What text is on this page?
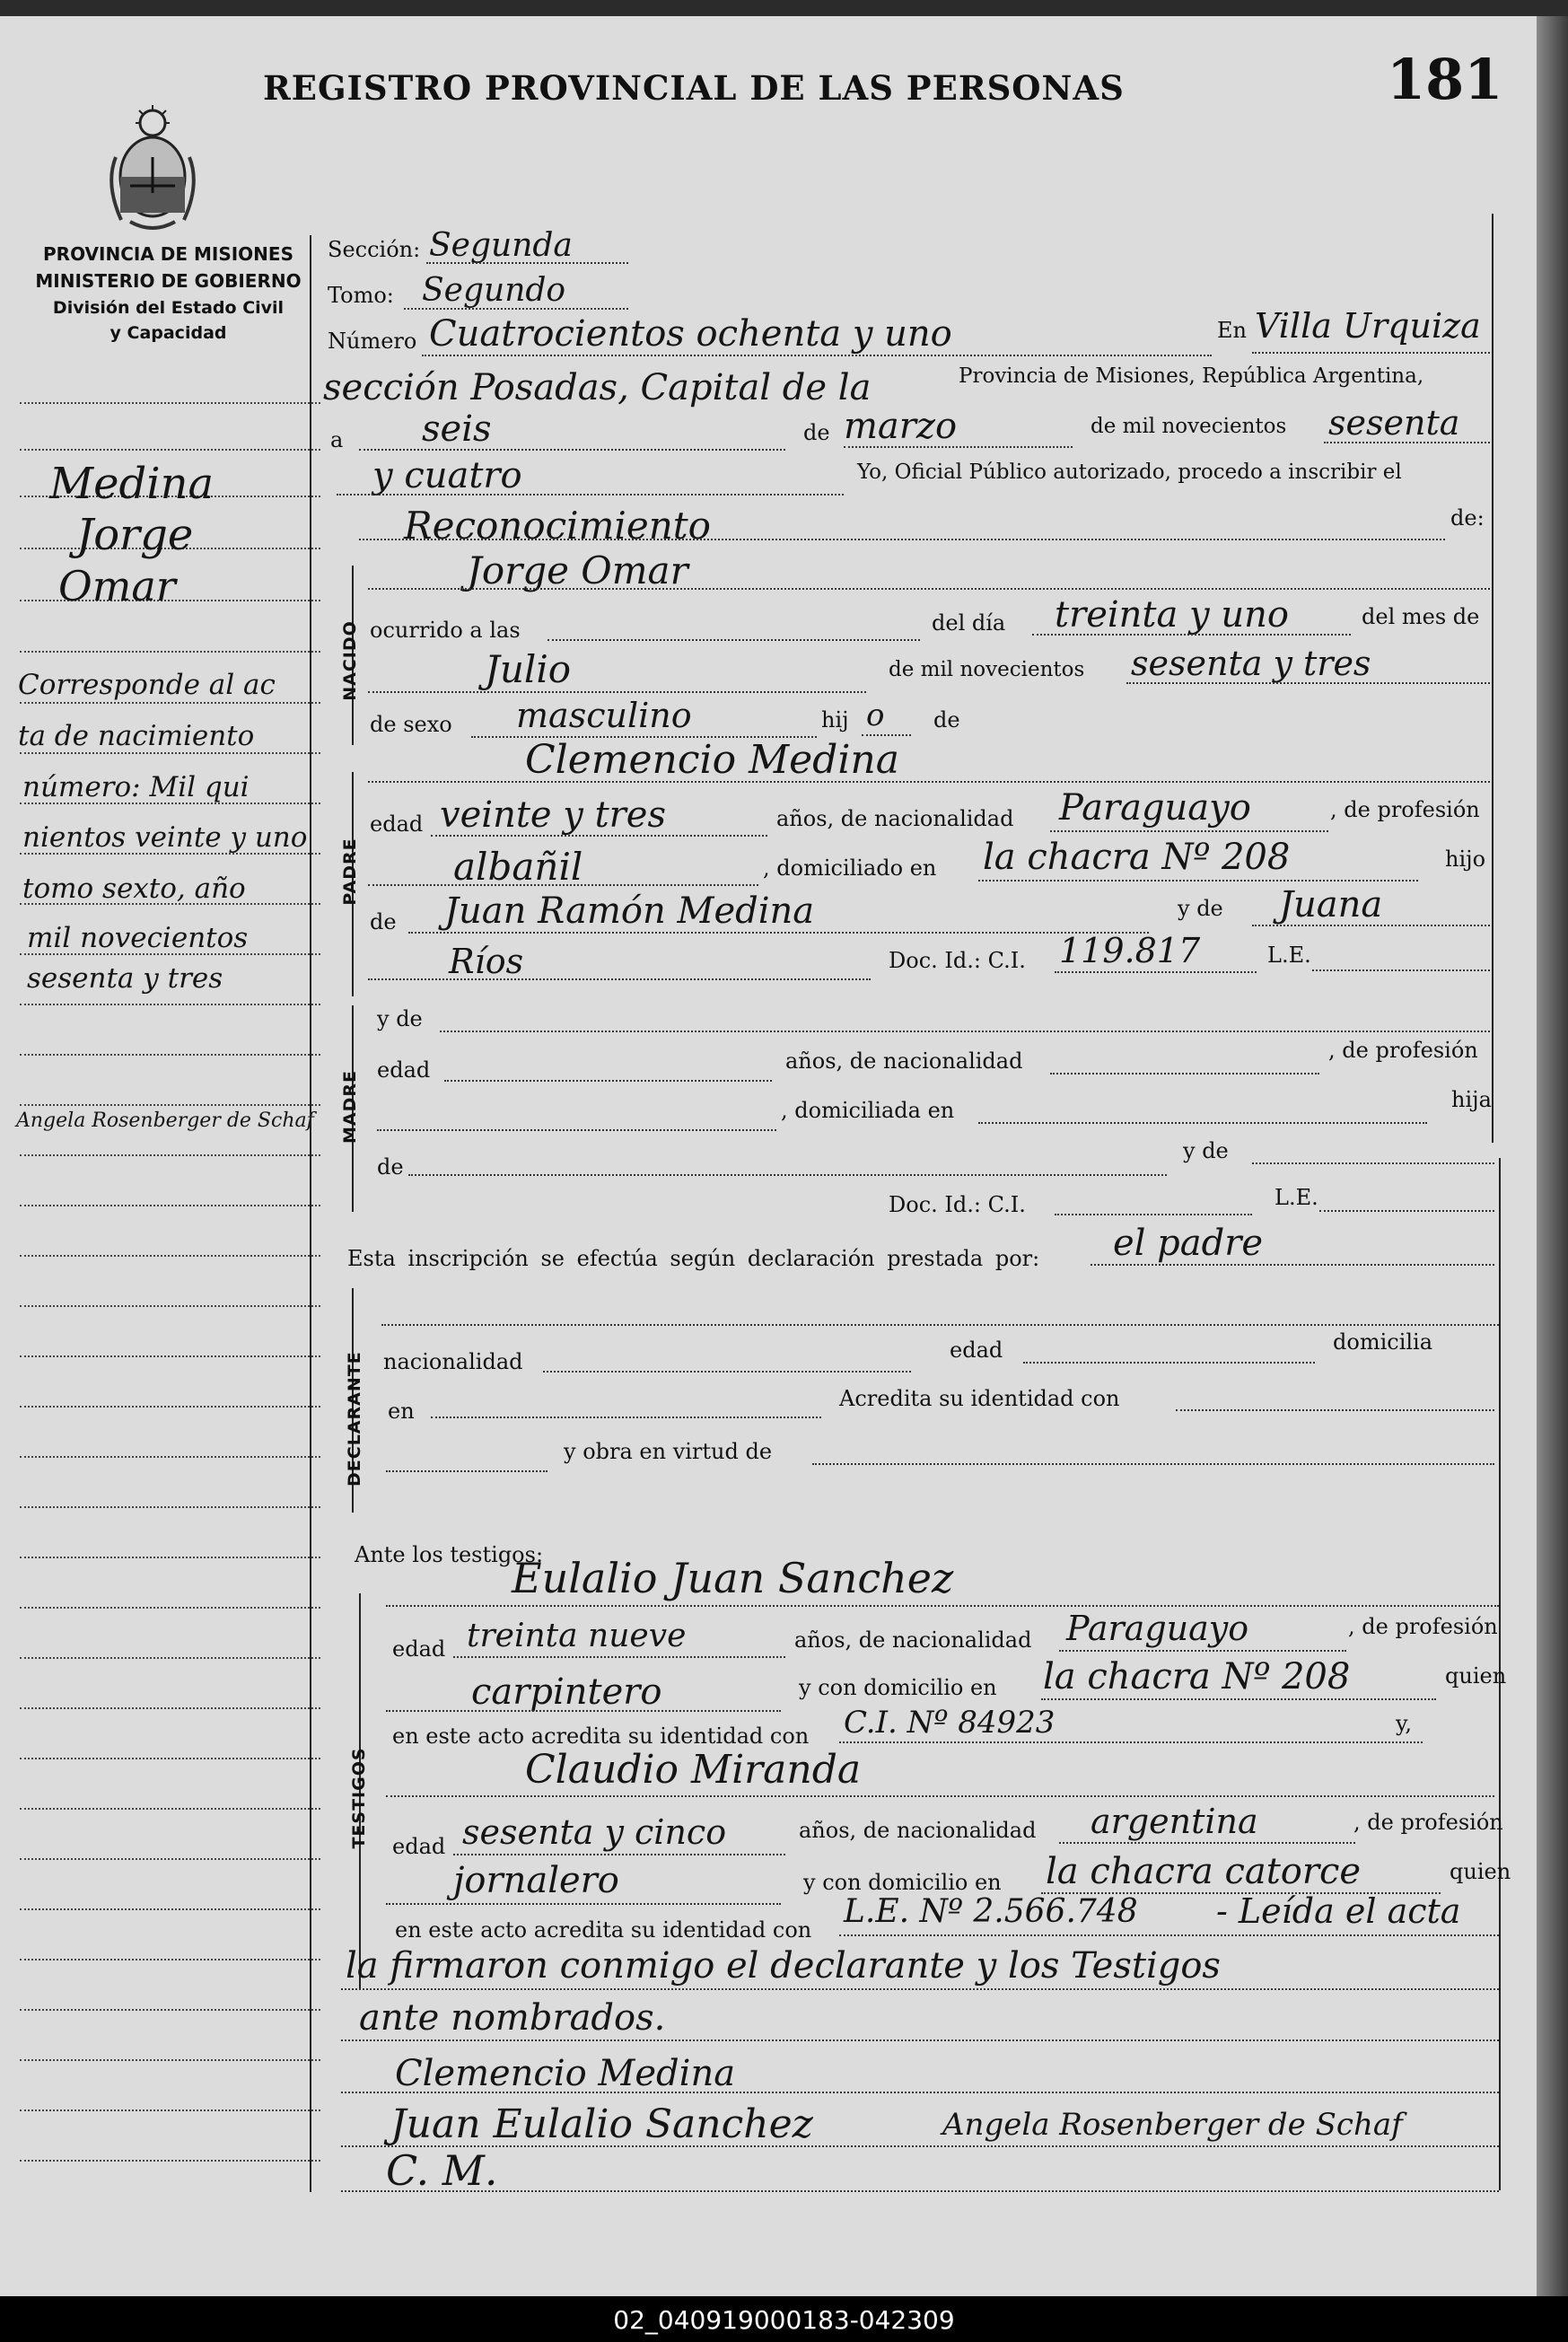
REGISTRO PROVINCIAL DE LAS PERSONAS	181
PROVINCIA DE MISIONES
MINISTERIO DE GOBIERNO
División del Estado Civil
y Capacidad
Medina
Jorge
Omar
Corresponde al ac
ta de nacimiento
número: Mil qui
nientos veinte y uno
tomo sexto, año
mil novecientos
sesenta y tres
Angela Rosenberger de Schaf
NACIDO
PADRE
MADRE
DECLARANTE
TESTIGOS
Sección: Segunda
Tomo: Segundo
Número Cuatrocientos ochenta y uno	En Villa Urquiza
sección Posadas, Capital de la	Provincia de Misiones, República Argentina,
a seis	de marzo	de mil novecientos sesenta
y cuatro	Yo, Oficial Público autorizado, procedo a inscribir el
Reconocimiento	de:
Jorge Omar
ocurrido a las	del día treinta y uno	del mes de
Julio	de mil novecientos sesenta y tres
de sexo masculino	hij o de
Clemencio Medina
edad veinte y tres	años, de nacionalidad Paraguayo	, de profesión
albañil	, domiciliado en la chacra Nº 208	hijo
de Juan Ramón Medina	y de Juana
Ríos	Doc. Id.: C.I. 119.817	L.E.
y de
edad	años, de nacionalidad	, de profesión
, domiciliada en	hija
de
y de
Doc. Id.: C.I.	L.E.
Esta inscripción se efectúa según declaración prestada por: el padre
nacionalidad	edad	domicilia
en	Acredita su identidad con
y obra en virtud de
Ante los testigos:
Eulalio Juan Sanchez
edad treinta nueve	años, de nacionalidad Paraguayo	, de profesión
carpintero	y con domicilio en la chacra Nº 208	quien
en este acto acredita su identidad con C.I. Nº 84923	y,
Claudio Miranda
edad sesenta y cinco	años, de nacionalidad argentina	, de profesión
jornalero	y con domicilio en la chacra catorce	quien
en este acto acredita su identidad con L.E. Nº 2.566.748 - Leída el acta
la firmaron conmigo el declarante y los Testigos
ante nombrados.
Clemencio Medina
Juan Eulalio Sanchez	Angela Rosenberger de Schaf
C. M.
02_040919000183-042309
